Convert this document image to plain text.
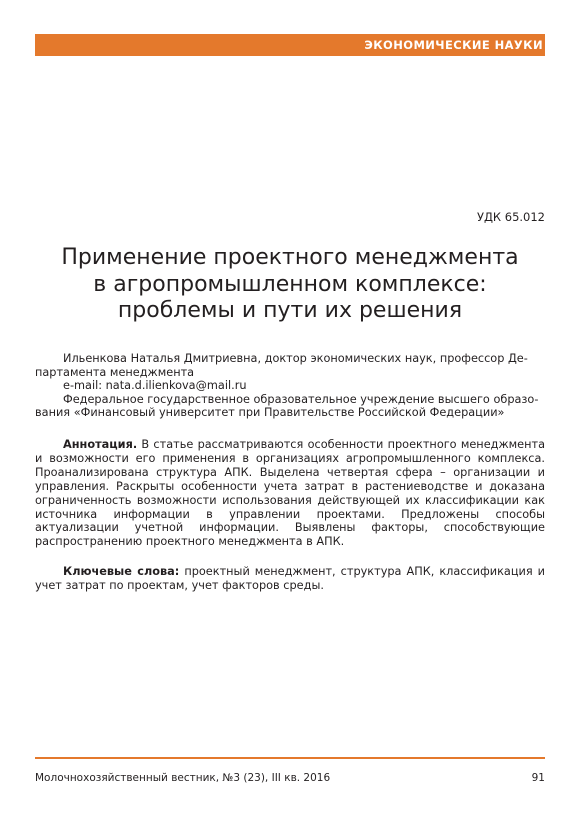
ЭКОНОМИЧЕСКИЕ НАУКИ
УДК 65.012
Применение проектного менеджмента
в агропромышленном комплексе:
проблемы и пути их решения

Ильенкова Наталья Дмитриевна, доктор экономических наук, профессор Де-

партамента менеджмента

e-mail: nata.d.ilienkova@mail.ru

Федеральное государственное образовательное учреждение высшего образо-

вания «Финансовый университет при Правительстве Российской Федерации»

Аннотация. В статье рассматриваются особенности проектного менеджмента и возможности его применения в организациях агропромышленного комплекса. Проанализирована структура АПК. Выделена четвертая сфера – организации и управления. Раскрыты особенности учета затрат в растениеводстве и доказана ограниченность возможности использования действующей их классификации как источника информации в управлении проектами. Предложены способы актуализации учетной информации. Выявлены факторы, способствующие распространению проектного менеджмента в АПК.

Ключевые слова: проектный менеджмент, структура АПК, классификация и учет затрат по проектам, учет факторов среды.

Молочнохозяйственный вестник, №3 (23), III кв. 2016	91
